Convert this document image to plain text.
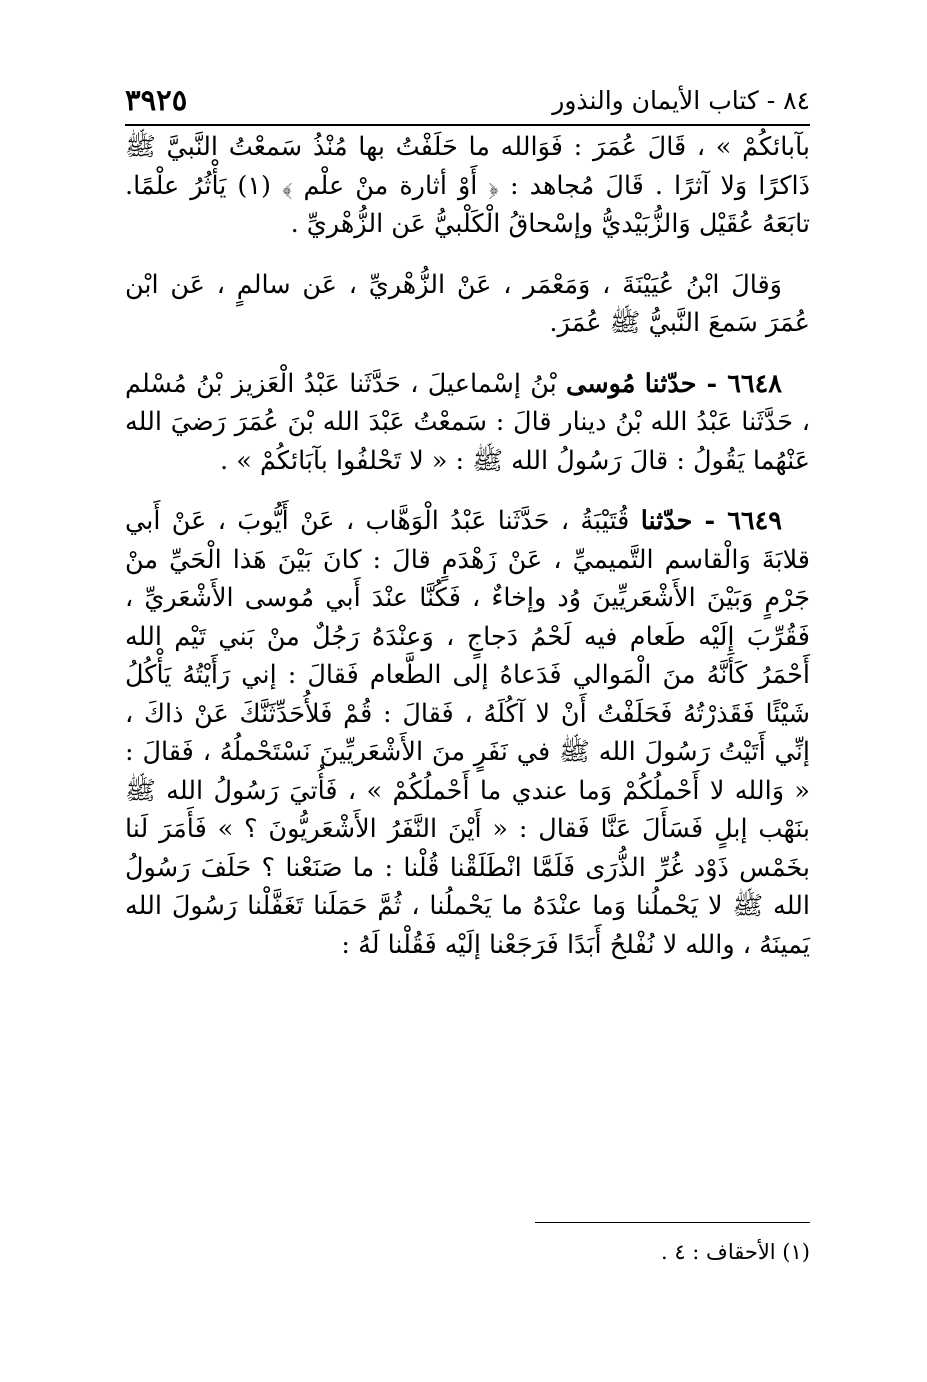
٨٤ - كتاب الأيمان والنذور
٣٩٢٥

بآبائكُمْ » ، قَالَ عُمَرَ : فَوَالله ما حَلَفْتُ بها مُنْذُ سَمعْتُ النَّبيَّ ﷺ ذَاكرًا وَلا آثرًا . قَالَ مُجاهد : ﴿ أَوْ أثارة منْ علْم ﴾ (١) يَأْثُرُ علْمًا. تابَعَهُ عُقَيْل وَالزُّبَيْديُّ وإسْحاقُ الْكَلْبيُّ عَن الزُّهْريِّ .

وَقالَ ابْنُ عُيَيْنَةَ ، وَمَعْمَر ، عَنْ الزُّهْريِّ ، عَن سالمٍ ، عَن ابْن عُمَرَ سَمعَ النَّبيُّ ﷺ عُمَرَ.

٦٦٤٨ - حدّثنا مُوسى بْنُ إسْماعيلَ ، حَدَّثَنا عَبْدُ الْعَزيز بْنُ مُسْلم ، حَدَّثَنا عَبْدُ الله بْنُ دينار قالَ : سَمعْتُ عَبْدَ الله بْنَ عُمَرَ رَضيَ الله عَنْهُما يَقُولُ : قالَ رَسُولُ الله ﷺ : « لا تَحْلفُوا بآبَائكُمْ » .

٦٦٤٩ - حدّثنا قُتَيْبَةُ ، حَدَّثَنا عَبْدُ الْوَهَّاب ، عَنْ أَيُّوبَ ، عَنْ أَبي قلابَةَ وَالْقاسم التَّميميِّ ، عَنْ زَهْدَمٍ قالَ : كانَ بَيْنَ هَذا الْحَيِّ منْ جَرْمٍ وَبَيْنَ الأَشْعَريِّينَ وُد وإخاءٌ ، فَكُنَّا عنْدَ أَبي مُوسى الأَشْعَريِّ ، فَقُرِّبَ إلَيْه طَعام فيه لَحْمُ دَجاجٍ ، وَعنْدَهُ رَجُلٌ منْ بَني تَيْم الله أَحْمَرُ كَأَنَّهُ منَ الْمَوالي فَدَعاهُ إلى الطَّعام فَقالَ : إني رَأَيْتُهُ يَأْكُلُ شَيْئًا فَقَذرْتُهُ فَحَلَفْتُ أَنْ لا آكُلَهُ ، فَقالَ : قُمْ فَلأُحَدِّثَنَّكَ عَنْ ذاكَ ، إنِّي أَتَيْتُ رَسُولَ الله ﷺ في نَفَرٍ منَ الأَشْعَريِّينَ نَسْتَحْملُهُ ، فَقالَ : « وَالله لا أَحْملُكُمْ وَما عندي ما أَحْملُكُمْ » ، فَأُتيَ رَسُولُ الله ﷺ بنَهْب إبلٍ فَسَأَلَ عَنَّا فَقال : « أَيْنَ النَّفَرُ الأَشْعَريُّونَ ؟ » فَأَمَرَ لَنا بخَمْس ذَوْد غُرِّ الذُّرَى فَلَمَّا انْطَلَقْنا قُلْنا : ما صَنَعْنا ؟ حَلَفَ رَسُولُ الله ﷺ لا يَحْملُنا وَما عنْدَهُ ما يَحْملُنا ، ثُمَّ حَمَلَنا تَغَفَّلْنا رَسُولَ الله يَمينَهُ ، والله لا نُفْلحُ أَبَدًا فَرَجَعْنا إلَيْه فَقُلْنا لَهُ :

(١) الأحقاف : ٤ .
